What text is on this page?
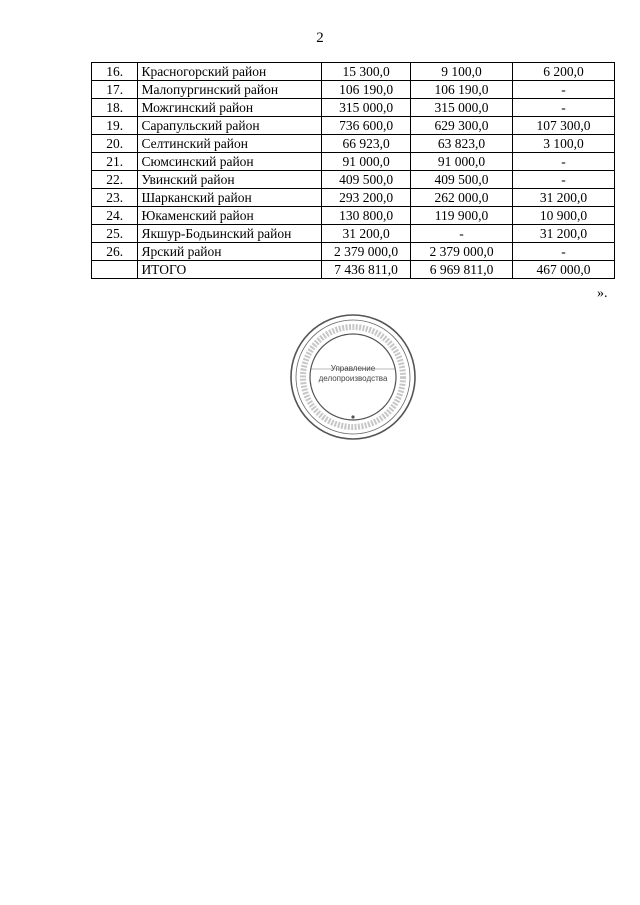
2
16.	Красногорский район	15 300,0	9 100,0	6 200,0
17.	Малопургинский район	106 190,0	106 190,0	-
18.	Можгинский район	315 000,0	315 000,0	-
19.	Сарапульский район	736 600,0	629 300,0	107 300,0
20.	Селтинский район	66 923,0	63 823,0	3 100,0
21.	Сюмсинский район	91 000,0	91 000,0	-
22.	Увинский район	409 500,0	409 500,0	-
23.	Шарканский район	293 200,0	262 000,0	31 200,0
24.	Юкаменский район	130 800,0	119 900,0	10 900,0
25.	Якшур-Бодьинский район	31 200,0	-	31 200,0
26.	Ярский район	2 379 000,0	2 379 000,0	-
	ИТОГО	7 436 811,0	6 969 811,0	467 000,0
».
Управление
делопроизводства
